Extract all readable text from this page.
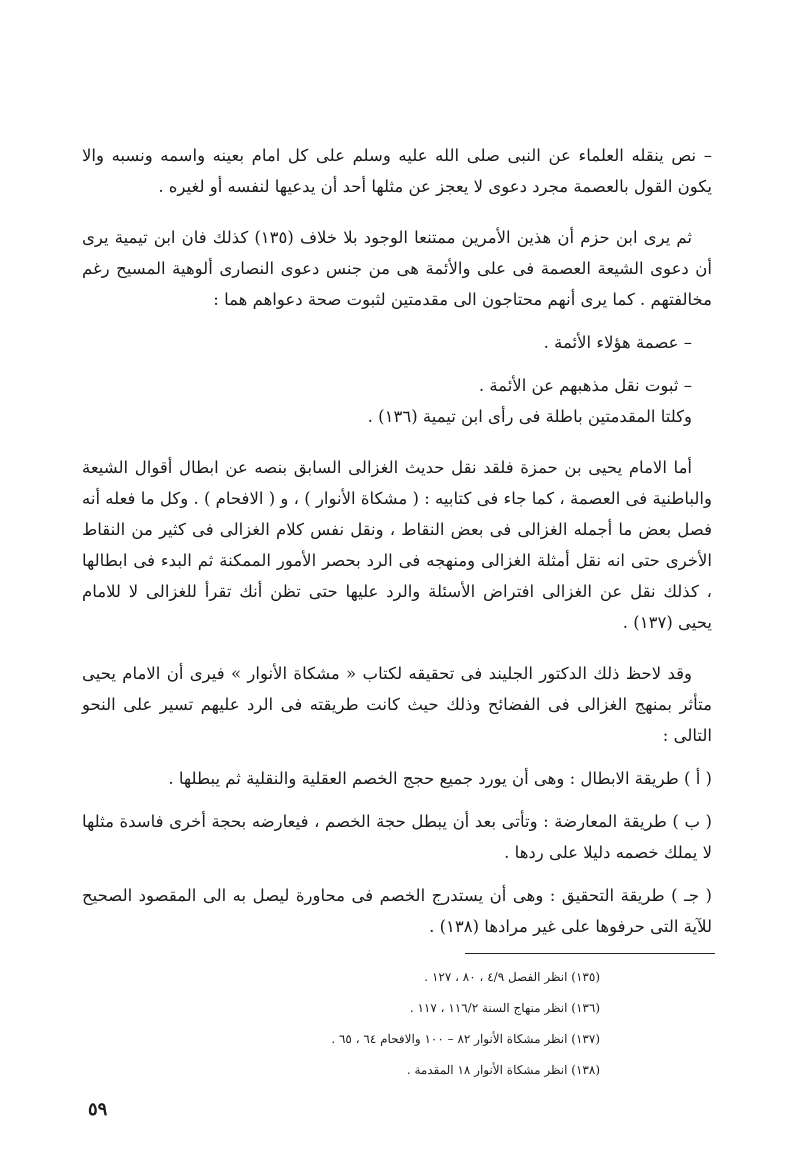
– نص ينقله العلماء عن النبى صلى الله عليه وسلم على كل امام بعينه واسمه ونسبه والا يكون القول بالعصمة مجرد دعوى لا يعجز عن مثلها أحد أن يدعيها لنفسه أو لغيره .

ثم يرى ابن حزم أن هذين الأمرين ممتنعا الوجود بلا خلاف (١٣٥) كذلك فان ابن تيمية يرى أن دعوى الشيعة العصمة فى على والأئمة هى من جنس دعوى النصارى ألوهية المسيح رغم مخالفتهم . كما يرى أنهم محتاجون الى مقدمتين لثبوت صحة دعواهم هما :

– عصمة هؤلاء الأئمة .

– ثبوت نقل مذهبهم عن الأئمة .

وكلتا المقدمتين باطلة فى رأى ابن تيمية (١٣٦) .

أما الامام يحيى بن حمزة فلقد نقل حديث الغزالى السابق بنصه عن ابطال أقوال الشيعة والباطنية فى العصمة ، كما جاء فى كتابيه : ( مشكاة الأنوار ) ، و ( الافحام ) . وكل ما فعله أنه فصل بعض ما أجمله الغزالى فى بعض النقاط ، ونقل نفس كلام الغزالى فى كثير من النقاط الأخرى حتى انه نقل أمثلة الغزالى ومنهجه فى الرد بحصر الأمور الممكنة ثم البدء فى ابطالها ، كذلك نقل عن الغزالى افتراض الأسئلة والرد عليها حتى تظن أنك تقرأ للغزالى لا للامام يحيى (١٣٧) .

وقد لاحظ ذلك الدكتور الجليند فى تحقيقه لكتاب « مشكاة الأنوار » فيرى أن الامام يحيى متأثر بمنهج الغزالى فى الفضائح وذلك حيث كانت طريقته فى الرد عليهم تسير على النحو التالى :

( أ ) طريقة الابطال : وهى أن يورد جميع حجج الخصم العقلية والنقلية ثم يبطلها .

( ب ) طريقة المعارضة : وتأتى بعد أن يبطل حجة الخصم ، فيعارضه بحجة أخرى فاسدة مثلها لا يملك خصمه دليلا على ردها .

( جـ ) طريقة التحقيق : وهى أن يستدرج الخصم فى محاورة ليصل به الى المقصود الصحيح للآية التى حرفوها على غير مرادها (١٣٨) .

(١٣٥) انظر الفصل ٤/٩ ، ٨٠ ، ١٢٧ .

(١٣٦) انظر منهاج السنة ١١٦/٢ ، ١١٧ .

(١٣٧) انظر مشكاة الأنوار ٨٢ – ١٠٠ والافحام ٦٤ ، ٦٥ .

(١٣٨) انظر مشكاة الأنوار ١٨ المقدمة .

٥٩
